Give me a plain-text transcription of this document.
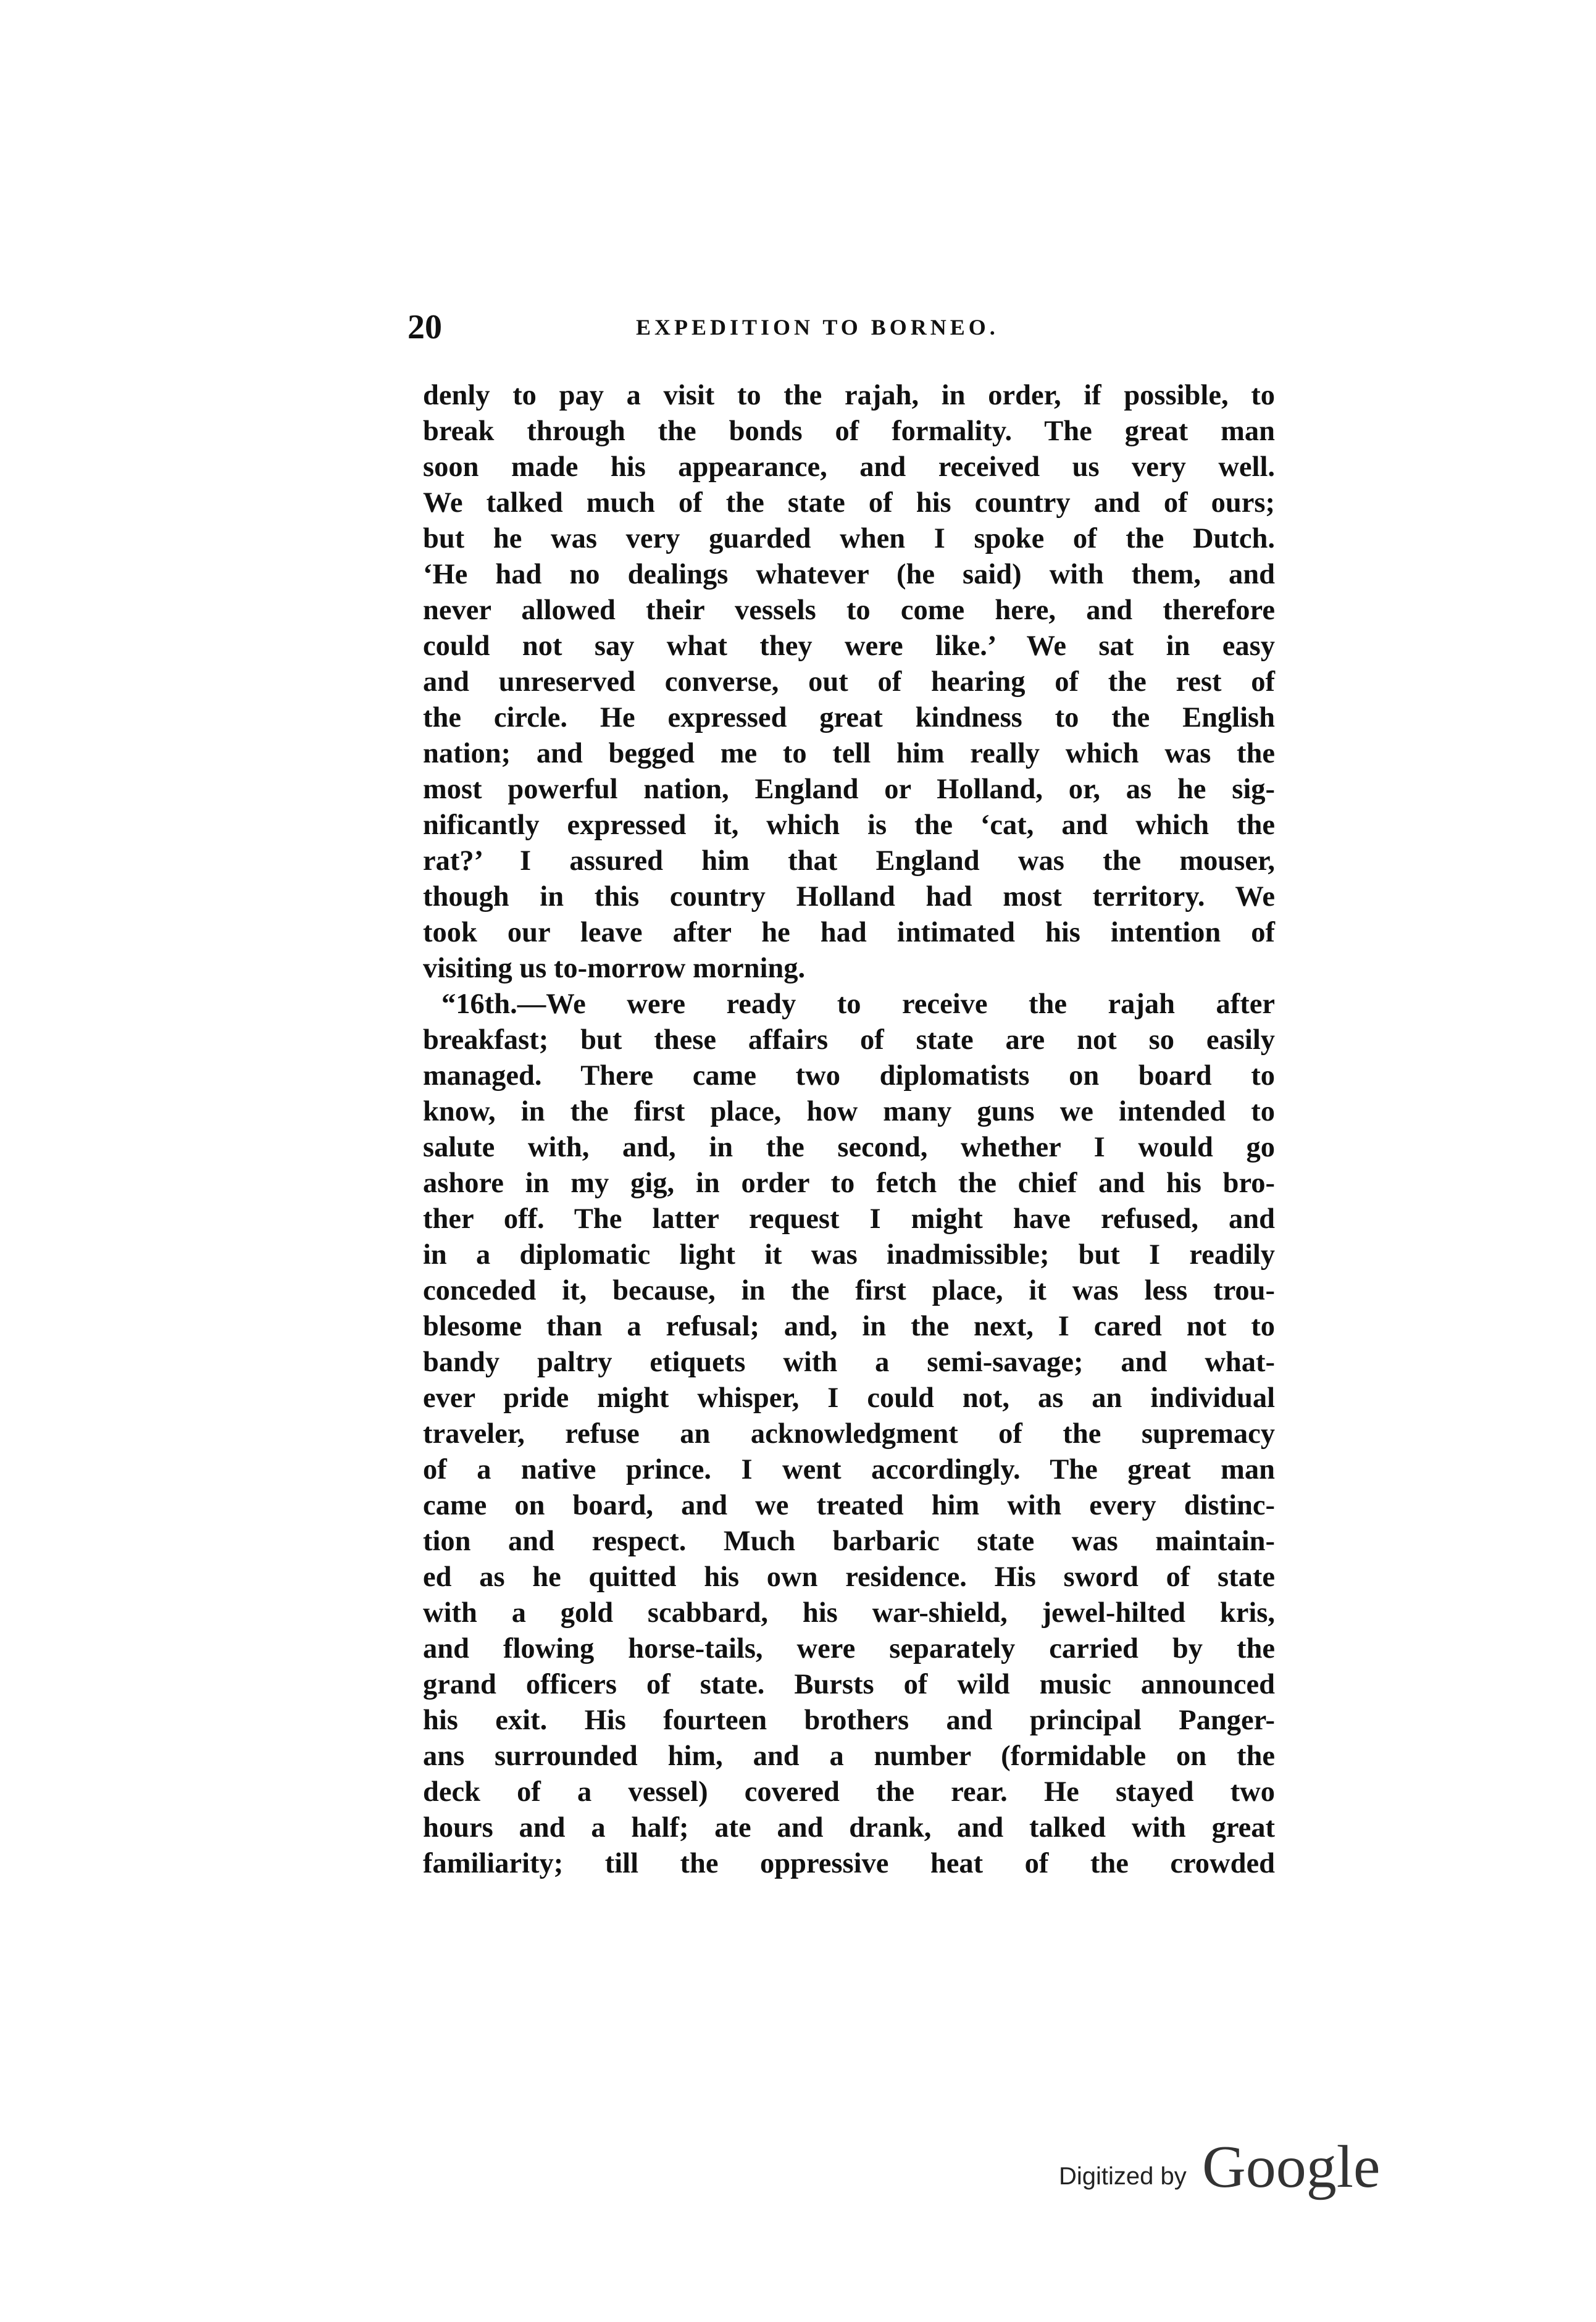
20	EXPEDITION TO BORNEO.
denly to pay a visit to the rajah, in order, if possible, to
break through the bonds of formality. The great man
soon made his appearance, and received us very well.
We talked much of the state of his country and of ours;
but he was very guarded when I spoke of the Dutch.
‘He had no dealings whatever (he said) with them, and
never allowed their vessels to come here, and therefore
could not say what they were like.’ We sat in easy
and unreserved converse, out of hearing of the rest of
the circle. He expressed great kindness to the English
nation; and begged me to tell him really which was the
most powerful nation, England or Holland, or, as he sig-
nificantly expressed it, which is the ‘cat, and which the
rat?’ I assured him that England was the mouser,
though in this country Holland had most territory. We
took our leave after he had intimated his intention of
visiting us to-morrow morning.
“16th.—We were ready to receive the rajah after
breakfast; but these affairs of state are not so easily
managed. There came two diplomatists on board to
know, in the first place, how many guns we intended to
salute with, and, in the second, whether I would go
ashore in my gig, in order to fetch the chief and his bro-
ther off. The latter request I might have refused, and
in a diplomatic light it was inadmissible; but I readily
conceded it, because, in the first place, it was less trou-
blesome than a refusal; and, in the next, I cared not to
bandy paltry etiquets with a semi-savage; and what-
ever pride might whisper, I could not, as an individual
traveler, refuse an acknowledgment of the supremacy
of a native prince. I went accordingly. The great man
came on board, and we treated him with every distinc-
tion and respect. Much barbaric state was maintain-
ed as he quitted his own residence. His sword of state
with a gold scabbard, his war-shield, jewel-hilted kris,
and flowing horse-tails, were separately carried by the
grand officers of state. Bursts of wild music announced
his exit. His fourteen brothers and principal Panger-
ans surrounded him, and a number (formidable on the
deck of a vessel) covered the rear. He stayed two
hours and a half; ate and drank, and talked with great
familiarity; till the oppressive heat of the crowded
Digitized by Google
